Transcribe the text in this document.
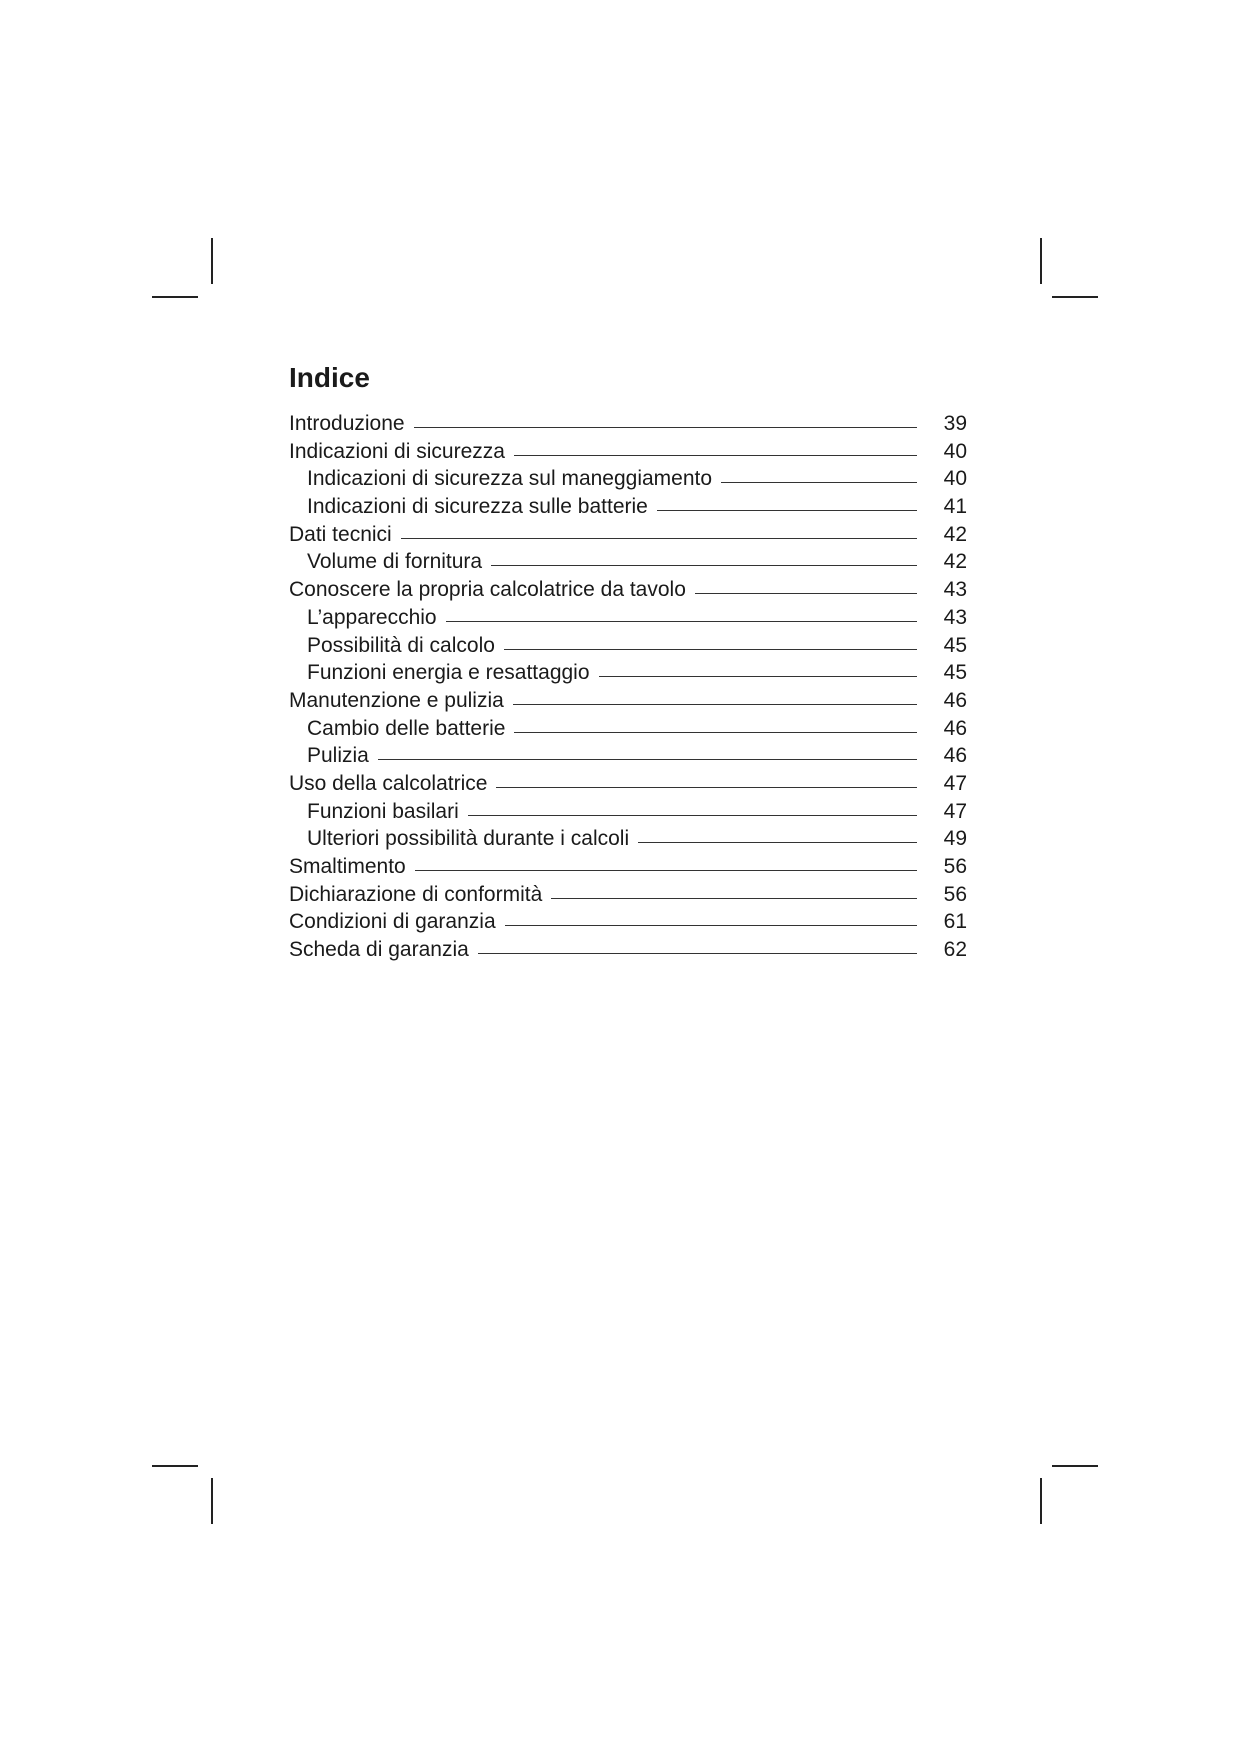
Indice
Introduzione	39
Indicazioni di sicurezza	40
Indicazioni di sicurezza sul maneggiamento	40
Indicazioni di sicurezza sulle batterie	41
Dati tecnici	42
Volume di fornitura	42
Conoscere la propria calcolatrice da tavolo	43
L’apparecchio	43
Possibilità di calcolo	45
Funzioni energia e resattaggio	45
Manutenzione e pulizia	46
Cambio delle batterie	46
Pulizia	46
Uso della calcolatrice	47
Funzioni basilari	47
Ulteriori possibilità durante i calcoli	49
Smaltimento	56
Dichiarazione di conformità	56
Condizioni di garanzia	61
Scheda di garanzia	62
